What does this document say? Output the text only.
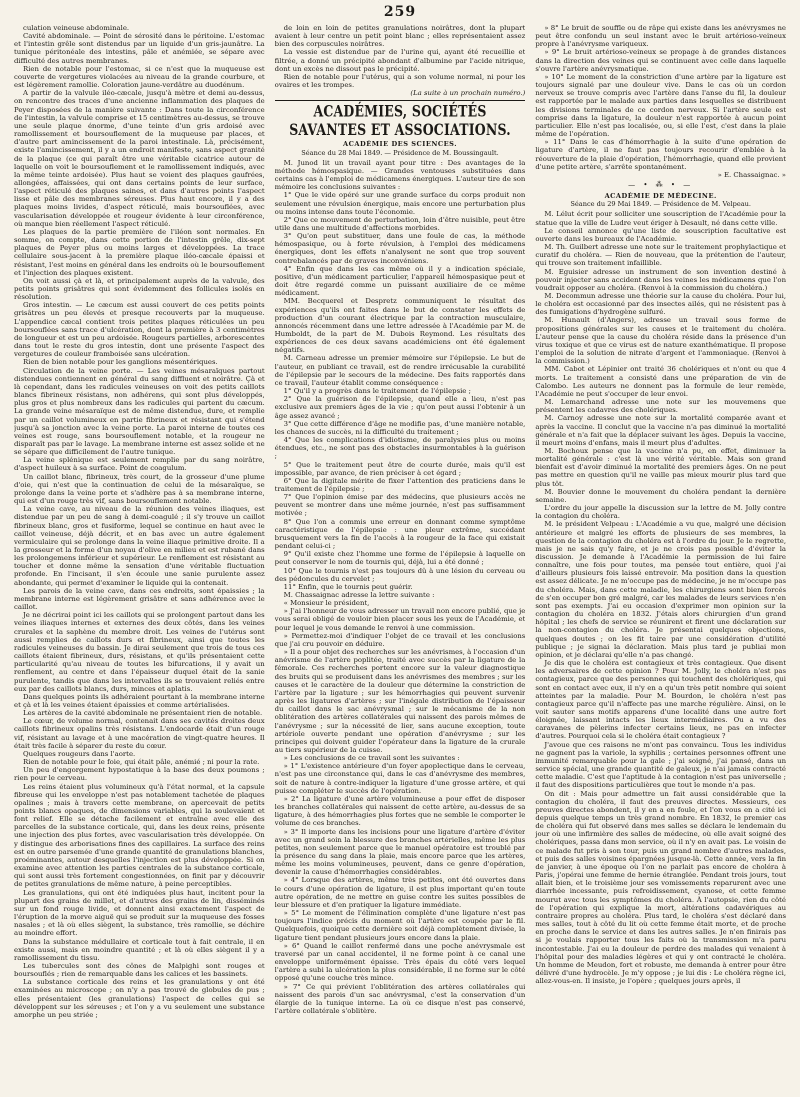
259

culation veineuse abdominale.

Cavité abdominale. — Point de sérosité dans le péritoine. L'estomac et l'intestin grêle sont distendus par un liquide d'un gris-jaunâtre. La tunique péritonéale des intestins, pâle et anémiée, se sépare avec difficulté des autres membranes.

Rien de notable pour l'estomac, si ce n'est que la muqueuse est couverte de vergetures violacées au niveau de la grande courbure, et est légèrement ramollie. Coloration jaune-verdâtre au duodénum.

A partir de la valvule iléo-cæcale, jusqu'à mètre et demi au-dessus, on rencontre des traces d'une ancienne inflammation des plaques de Peyer disposées de la manière suivante : Dans toute la circonférence de l'intestin, la valvule comprise et 15 centimètres au-dessus, se trouve une seule plaque énorme, d'une teinte d'un gris ardoisé avec ramollissement et boursouflement de la muqueuse par places, et d'autre part amincissement de la paroi intestinale. Là, précisément, existe l'amincissement, il y a un endroit manifeste, sans aspect granité de la plaque (ce qui paraît être une véritable cicatrice autour de laquelle on voit le boursouflement et le ramollissement indiqués, avec la même teinte ardoisée). Plus haut se voient des plaques gaufrées, allongées, affaissées, qui ont dans certains points de leur surface, l'aspect réticulé des plaques saines, et dans d'autres points l'aspect lisse et pâle des membranes séreuses. Plus haut encore, il y a des plaques moins livides, d'aspect réticulé, mais boursouflées, avec vascularisation développée et rougeur évidente à leur circonférence, où manque bien réellement l'aspect réticulé.

Les plaques de la partie première de l'iléon sont normales. En somme, on compte, dans cette portion de l'intestin grêle, dix-sept plaques de Peyer plus ou moins larges et développées. La trace cellulaire sous-jacent à la première plaque iléo-cæcale épaissi et résistant, l'est moins en général dans les endroits où le boursouflement et l'injection des plaques existent.

On voit aussi çà et là, et principalement auprès de la valvule, des petits points grisâtres qui sont évidemment des follicules isolés en résolution.

Gros intestin. — Le cæcum est aussi couvert de ces petits points grisâtres un peu élevés et presque recouverts par la muqueuse. L'appendice cæcal contient trois petites plaques réticulées un peu boursouflées sans trace d'ulcération, dont la première à 3 centimètres de longueur et est un peu ardoisée. Rougeurs partielles, arborescentes dans tout le reste du gros intestin, dont une présente l'aspect des vergetures de couleur framboisée sans ulcération.

Rien de bien notable pour les ganglions mésentériques.

Circulation de la veine porte. — Les veines mésaraïques partout distendues contiennent en général du sang diffluent et noirâtre. Çà et là cependant, dans les radicules veineuses on voit des petits caillots blancs fibrineux résistans, non adhérens, qui sont plus développés, plus gros et plus nombreux dans les radicules qui partent du cæcum. La grande veine mésaraïque est de même distendue, dure, et remplie par un caillot volumineux en partie fibrineux et résistant qui s'étend jusqu'à sa jonction avec la veine porte. La paroi interne de toutes ces veines est rouge, sans boursouflement notable, et la rougeur ne disparaît pas par le lavage. La membrane interne est assez solide et ne se sépare que difficilement de l'autre tunique.

La veine splénique est seulement remplie par du sang noirâtre, d'aspect huileux à sa surface. Point de coagulum.

Un caillot blanc, fibrineux, très court, de la grosseur d'une plume d'oie, qui n'est que la continuation de celui de la mésaraïque, se prolonge dans la veine porte et s'adhère pas à sa membrane interne, qui est d'un rouge très vif, sans boursouflement notable.

La veine cave, au niveau de la réunion des veines iliaques, est distendue par un peu de sang à demi-coagulé ; il s'y trouve un caillot fibrineux blanc, gros et fusiforme, lequel se continue en haut avec le caillot veineuse, déjà décrit, et en bas avec un autre également vermiculaire qui se prolonge dans la veine iliaque primitive droite. Il a la grosseur et la forme d'un noyau d'olive en milieu et est rubané dans les prolongemens inférieur et supérieur. Le renflement est résistant au toucher et donne même la sensation d'une véritable fluctuation profonde. En l'incisant, il s'en écoule une sanie purulente assez abondante, qui permet d'examiner le liquide qui la contenait.

Les parois de la veine cave, dans ces endroits, sont épaissies ; la membrane interne est légèrement grisâtre et sans adhérence avec le caillot.

Je ne décrirai point ici les caillots qui se prolongent partout dans les veines iliaques internes et externes des deux côtés, dans les veines crurales et la saphène du membre droit. Les veines de l'utérus sont aussi remplies de caillots durs et fibrineux, ainsi que toutes les radicules veineuses du bassin. Je dirai seulement que trois de tous ces caillots étaient fibrineux, durs, résistans, et qu'ils présentaient cette particularité qu'au niveau de toutes les bifurcations, il y avait un renflement, au centre et dans l'épaisseur duquel était de la sanie purulente, tandis que dans les intervalles ils se trouvaient reliés entre eux par des caillots blancs, durs, minces et aplatis.

Dans quelques points ils adhéraient pourtant à la membrane interne et çà et là les veines étaient épaissies et comme artérialisées.

Les artères de la cavité abdominale ne présentaient rien de notable.

Le cœur, de volume normal, contenait dans ses cavités droites deux caillots fibrineux opalins très résistans. L'endocarde était d'un rouge vif, résistant au lavage et à une macération de vingt-quatre heures. Il était très facile à séparer du reste du cœur.

Quelques rougeurs dans l'aorte.

Rien de notable pour le foie, qui était pâle, anémié ; ni pour la rate.

Un peu d'engorgement hypostatique à la base des deux poumons ; rien pour le cerveau.

Les reins étaient plus volumineux qu'à l'état normal, et la capsule fibreuse qui les enveloppe n'est pas notablement tachetée de plaques opalines ; mais à travers cette membrane, on apercevait de petits points blancs opaques, de dimensions variables, qui la soulevaient et font relief. Elle se détache facilement et entraîne avec elle des parcelles de la substance corticale, qui, dans les deux reins, présente une injection des plus fortes, avec vascularisation très développée. On y distingue des arborisations fines des capillaires. La surface des reins est en outre parsemée d'une grande quantité de granulations blanches, proéminantes, autour desquelles l'injection est plus développée. Si on examine avec attention les parties centrales de la substance corticale, qui sont aussi très fortement congestionnées, on finit par y découvrir de petites granulations de même nature, à peine perceptibles.

Les granulations, qui ont été indiquées plus haut, incitent pour la plupart des grains de millet, et d'autres des grains de lin, disséminés sur un fond rouge livide, et donnent ainsi exactement l'aspect de l'éruption de la morve aiguë qui se produit sur la muqueuse des fosses nasales ; et là où elles siègent, la substance, très ramollie, se déchire au moindre effort.

Dans la substance médullaire et corticale tout à fait centrale, il en existe aussi, mais en moindre quantité ; et là où elles siègent il y a ramollissement du tissu.

Les tubercules sont des cônes de Malpighi sont rouges et boursouflés ; rien de remarquable dans les calices et les bassinets.

La substance corticale des reins et les granulations y ont été examinées au microscope ; on n'y a pas trouvé de globules de pus ; elles présentaient (les granulations) l'aspect de celles qui se développent sur les séreuses ; et l'on y a vu seulement une substance amorphe un peu striée ;

de loin en loin de petites granulations noirâtres, dont la plupart avaient à leur centre un petit point blanc ; elles représentaient assez bien des corpuscules noirâtres.

La vessie est distendue par de l'urine qui, ayant été recueillie et filtrée, a donné un précipité abondant d'albumine par l'acide nitrique, dont un excès ne dissout pas le précipité.

Rien de notable pour l'utérus, qui a son volume normal, ni pour les ovaires et les trompes.

(La suite à un prochain numéro.)

ACADÉMIES, SOCIÉTÉS SAVANTES ET ASSOCIATIONS.
ACADÉMIE DES SCIENCES.
Séance du 28 Mai 1849. — Présidence de M. Boussingault.

M. Junod lit un travail ayant pour titre : Des avantages de la méthode hémospasique. — Grandes ventouses substituées dans certains cas à l'emploi de médicamens énergiques. L'auteur tire de son mémoire les conclusions suivantes :

1° Que le vide opéré sur une grande surface du corps produit non seulement une révulsion énergique, mais encore une perturbation plus ou moins intense dans toute l'économie.

2° Que ce mouvement de perturbation, loin d'être nuisible, peut être utile dans une multitude d'affections morbides.

3° Qu'on peut substituer, dans une foule de cas, la méthode hémospasique, ou à forte révulsion, à l'emploi des médicamens énergiques, dont les effets n'analysent ne sont que trop souvent contrebalancés par de graves inconvéniens.

4° Enfin que dans les cas même où il y a indication spéciale, positive, d'un médicament particulier, l'appareil hémospasique peut et doit être regardé comme un puissant auxiliaire de ce même médicament.

MM. Becquerel et Despretz communiquent le résultat des expériences qu'ils ont faites dans le but de constater les effets de production d'un courant électrique par la contraction musculaire, annoncés récemment dans une lettre adressée à l'Académie par M. de Humboldt, de la part de M. Dubois Reymond. Les résultats des expériences de ces deux savans académiciens ont été également négatifs.

M. Carneau adresse un premier mémoire sur l'épilepsie. Le but de l'auteur, en publiant ce travail, est de rendre irrécusable la curabilité de l'épilepsie par le secours de la médecine. Des faits rapportés dans ce travail, l'auteur établit comme conséquence :

1° Qu'il y a progrès dans le traitement de l'épilepsie ;

2° Que la guérison de l'épilepsie, quand elle a lieu, n'est pas exclusive aux premiers âges de la vie ; qu'on peut aussi l'obtenir à un âge assez avancé ;

3° Que cette différence d'âge ne modifie pas, d'une manière notable, les chances de succès, ni la difficulté du traitement ;

4° Que les complications d'idiotisme, de paralysies plus ou moins étendues, etc., ne sont pas des obstacles insurmontables à la guérison ;

5° Que le traitement peut être de courte durée, mais qu'il est impossible, par avance, de rien préciser à cet égard ;

6° Que la digitale mérite de fixer l'attention des praticiens dans le traitement de l'épilepsie ;

7° Que l'opinion émise par des médecins, que plusieurs accès ne peuvent se montrer dans une même journée, n'est pas suffisamment motivée ;

8° Que l'on a commis une erreur en donnant comme symptôme caractéristique de l'épilepsie : une pleur extrême, succédant brusquement vers la fin de l'accès à la rougeur de la face qui existait pendant celui-ci ;

9° Qu'il existe chez l'homme une forme de l'épilepsie à laquelle on peut conserver le nom de tournis qui, déjà, lui a été donné ;

10° Que le tournis n'est pas toujours dû à une lésion du cerveau ou des pédoncules du cervelet ;

11° Enfin, que le tournis peut guérir.

M. Chassaignac adresse la lettre suivante :

« Monsieur le président,

» J'ai l'honneur de vous adresser un travail non encore publié, que je vous serai obligé de vouloir bien placer sous les yeux de l'Académie, et pour lequel je vous demande le renvoi à une commission.

» Permettez-moi d'indiquer l'objet de ce travail et les conclusions que j'ai cru pouvoir en déduire.

» Il a pour objet des recherches sur les anévrismes, à l'occasion d'un anévrisme de l'artère poplitée, traité avec succès par la ligature de la fémorale. Ces recherches portent encore sur la valeur diagnostique des bruits qui se produisent dans les anévrismes des membres ; sur les causes et le caractère de la douleur que détermine la constriction de l'artère par la ligature ; sur les hémorrhagies qui peuvent survenir après les ligatures d'artères ; sur l'inégale distribution de l'épaisseur du caillot dans le sac anévrysmal ; sur le mécanisme de la non oblitération des artères collatérales qui naissent des parois mêmes de l'anévrysme ; sur la nécessité de lier, sans aucune exception, toute artériole ouverte pendant une opération d'anévrysme ; sur les principes qui doivent guider l'opérateur dans la ligature de la crurale au tiers supérieur de la cuisse.

» Les conclusions de ce travail sont les suivantes :

» 1° L'existence antérieure d'un foyer apoplectique dans le cerveau, n'est pas une circonstance qui, dans le cas d'anévrysme des membres, soit de nature à contre-indiquer la ligature d'une grosse artère, et qui puisse compléter le succès de l'opération.

» 2° La ligature d'une artère volumineuse a pour effet de disposer les branches collatérales qui naissent de cette artère, au-dessus de sa ligature, à des hémorrhagies plus fortes que ne semble le comporter le volume de ces branches.

» 3° Il importe dans les incisions pour une ligature d'artère d'éviter avec un grand soin la blessure des branches artérielles, même les plus petites, non seulement parce que le manuel opératoire est troublé par la présence du sang dans la plaie, mais encore parce que les artères, même les moins volumineuses, peuvent, dans ce genre d'opération, devenir la cause d'hémorrhagies considérables.

» 4° Lorsque des artères, même très petites, ont été ouvertes dans le cours d'une opération de ligature, il est plus important qu'en toute autre opération, de ne mettre en guise contre les suites possibles de leur blessure et d'en pratiquer la ligature immédiate.

» 5° Le moment de l'élimination complète d'une ligature n'est pas toujours l'indice précis du moment où l'artère est coupée par le fil. Quelquefois, quoique cette dernière soit déjà complètement divisée, la ligature tient pendant plusieurs jours encore dans la plaie.

» 6° Quand le caillot renfermé dans une poche anévrysmale est traversé par un canal accidentel, il ne forme point à ce canal une enveloppe uniformément épaisse. Très épais du côté vers lequel l'artère a subi la ulcération la plus considérable, il ne forme sur le côté opposé qu'une couche très mince.

» 7° Ce qui prévient l'oblitération des artères collatérales qui naissent des parois d'un sac anévrysmal, c'est la conservation d'un élargie de la tunique interne. La où ce disque n'est pas conservé, l'artère collatérale s'oblitère.

» 8° Le bruit de souffle ou de râpe qui existe dans les anévrysmes ne peut être confondu un seul instant avec le bruit artérioso-veineux propre à l'anévrysme variqueux.

» 9° Le bruit artérioso-veineux se propage à de grandes distances dans la direction des veines qui se continuent avec celle dans laquelle s'ouvre l'artère anévrysmatique.

» 10° Le moment de la constriction d'une artère par la ligature est toujours signalé par une douleur vive. Dans le cas où un cordon nerveux se trouve compris avec l'artère dans l'anse du fil, la douleur est rapportée par le malade aux parties dans lesquelles se distribuent les divisions terminales de ce cordon nerveux. Si l'artère seule est comprise dans la ligature, la douleur n'est rapportée à aucun point particulier. Elle n'est pas localisée, ou, si elle l'est, c'est dans la plaie même de l'opération.

» 11° Dans le cas d'hémorrhagie à la suite d'une opération de ligature d'artère, il ne faut pas toujours recourir d'emblée à la réouverture de la plaie d'opération, l'hémorrhagie, quand elle provient d'une petite artère, s'arrête spontanément.

» E. Chassaignac. »

— • ⁂ • —
ACADÉMIE DE MÉDECINE.
Séance du 29 Mai 1849. — Présidence de M. Velpeau.

M. Lélut écrit pour solliciter une souscription de l'Académie pour la statue que la ville de Ludre veut ériger à Desault, né dans cette ville.

Le conseil annonce qu'une liste de souscription facultative est ouverte dans les bureaux de l'Académie.

M. Th. Guilbert adresse une note sur le traitement prophylactique et curatif du choléra. — Rien de nouveau, que la prétention de l'auteur, qui trouve son traitement infaillible.

M. Eguisier adresse un instrument de son invention destiné à pouvoir injecter sans accident dans les veines les médicamens que l'on voudrait opposer au choléra. (Renvoi à la commission du choléra.)

M. Decommun adresse une théorie sur la cause du choléra. Pour lui, le choléra est occasionné par des insectes ailés, qui ne résistent pas à des fumigations d'hydrogène sulfuré.

M. Hunault (d'Angers), adresse un travail sous forme de propositions générales sur les causes et le traitement du choléra. L'auteur pense que la cause du choléra réside dans la présence d'un virus toxique et que ce virus est de nature exanthématique. Il propose l'emploi de la solution de nitrate d'argent et l'ammoniaque. (Renvoi à la commission.)

MM. Cabot et Lépinier ont traité 36 cholériques et n'ont eu que 4 morts. Le traitement a consisté dans une préparation de vin de Calombo. Les auteurs ne donnent pas la formule de leur remède, l'Académie ne peut s'occuper de leur envoi.

M. Lemarchand adresse une note sur les mouvemens que présentent les cadavres des cholériques.

M. Carnoy adresse une note sur la mortalité comparée avant et après la vaccine. Il conclut que la vaccine n'a pas diminué la mortalité générale et n'a fait que la déplacer suivant les âges. Depuis la vaccine, il meurt moins d'enfans, mais il meurt plus d'adultes.

M. Bochoux pense que la vaccine n'a pu, en effet, diminuer la mortalité générale : c'est là une vérité véritable. Mais son grand bienfait est d'avoir diminué la mortalité des premiers âges. On ne peut pas mettre en question qu'il ne vaille pas mieux mourir plus tard que plus tôt.

M. Bouvier donne le mouvement du choléra pendant la dernière semaine.

L'ordre du jour appelle la discussion sur la lettre de M. Jolly contre la contagion du choléra.

M. le président Velpeau : L'Académie a vu que, malgré une décision antérieure et malgré les efforts de plusieurs de ses membres, la question de la contagion du choléra est à l'ordre du jour. Je le regrette, mais je ne sais qu'y faire, et je ne crois pas possible d'éviter la discussion. Je demande à l'Académie la permission de lui faire connaître, une fois pour toutes, ma pensée tout entière, quoi j'ai d'ailleurs plusieurs fois laissé entrevoir. Ma position dans la question est assez délicate. Je ne m'occupe pas de médecine, je ne m'occupe pas du choléra. Mais, dans cette maladie, les chirurgiens sont bien forcés de s'en occuper bon gré malgré, car les malades de leurs services n'en sont pas exempts. J'ai eu occasion d'exprimer mon opinion sur la contagion du choléra en 1832. J'étais alors chirurgien d'un grand hôpital ; les chefs de service se réunirent et firent une déclaration sur la non-contagion du choléra. Je présentai quelques objections, quelques doutes ; on les fit taire par une considération d'utilité publique ; je signai la déclaration. Mais plus tard je publiai mon opinion, et je déclarai qu'elle n'a pas changé.

Je dis que le choléra est contagieux et très contagieux. Que disent les adversaires de cette opinion ? Pour M. Jolly, le choléra n'est pas contagieux, parce que des personnes qui touchent des cholériques, qui sont en contact avec eux, il n'y en a qu'un très petit nombre qui soient atteintes par la maladie. Pour M. Bourdon, le choléra n'est pas contagieux parce qu'il n'affecte pas une marche régulière. Ainsi, on le voit sauter sans motifs apparens d'une localité dans une autre fort éloignée, laissant intacts les lieux intermédiaires. Ou a vu des caravanes de pèlerins infecter certains lieux, ne pas en infecter d'autres. Pourquoi cela si le choléra était contagieux ?

J'avoue que ces raisons ne m'ont pas convaincu. Tous les individus ne gagnent pas la variole, la syphilis ; certaines personnes offrent une immunité remarquable pour la gale ; j'ai soigné, j'ai pansé, dans un service spécial, une grande quantité de galeux, je n'ai jamais contracté cette maladie. C'est que l'aptitude à la contagion n'est pas universelle ; il faut des dispositions particulières que tout le monde n'a pas.

On dit : Mais pour admettre un fait aussi considérable que la contagion du choléra, il faut des preuves directes. Messieurs, ces preuves directes abondent, il y en a en foule, et l'on vous en a cité ici depuis quelque temps un très grand nombre. En 1832, le premier cas de choléra qui fut observé dans mes salles se déclara le lendemain du jour où une infirmière des salles de médecine, où elle avait soigné des cholériques, passa dans mon service, où il n'y en avait pas. Le voisin de ce malade fut pris à son tour, puis un grand nombre d'autres malades, et puis des salles voisines épargnées jusque-là. Cette année, vers la fin de janvier, à une époque où l'on ne parlait pas encore de choléra à Paris, j'opérai une femme de hernie étranglée. Pendant trois jours, tout allait bien, et le troisième jour ses vomissements reparurent avec une diarrhée incessante, puis refroidissement, cyanose, et cette femme mourut avec tous les symptômes du choléra. À l'autopsie, rien du côté de l'opération qui explique la mort, altérations cadavériques au contraire propres au choléra. Plus tard, le choléra s'est déclaré dans mes salles, tout à côté du lit où cette femme était morte, et de proche en proche dans le service et dans les autres salles. Je n'en finirais pas si je voulais rapporter tous les faits où la transmission m'a paru incontestable. J'ai eu la douleur de perdre des malades qui venaient à l'hôpital pour des maladies légères et qui y ont contracté le choléra. Un homme de Meudon, fort et robuste, me demanda à entrer pour être délivré d'une hydrocèle. Je m'y oppose ; je lui dis : Le choléra règne ici, allez-vous-en. Il insiste, je l'opère ; quelques jours après, il
